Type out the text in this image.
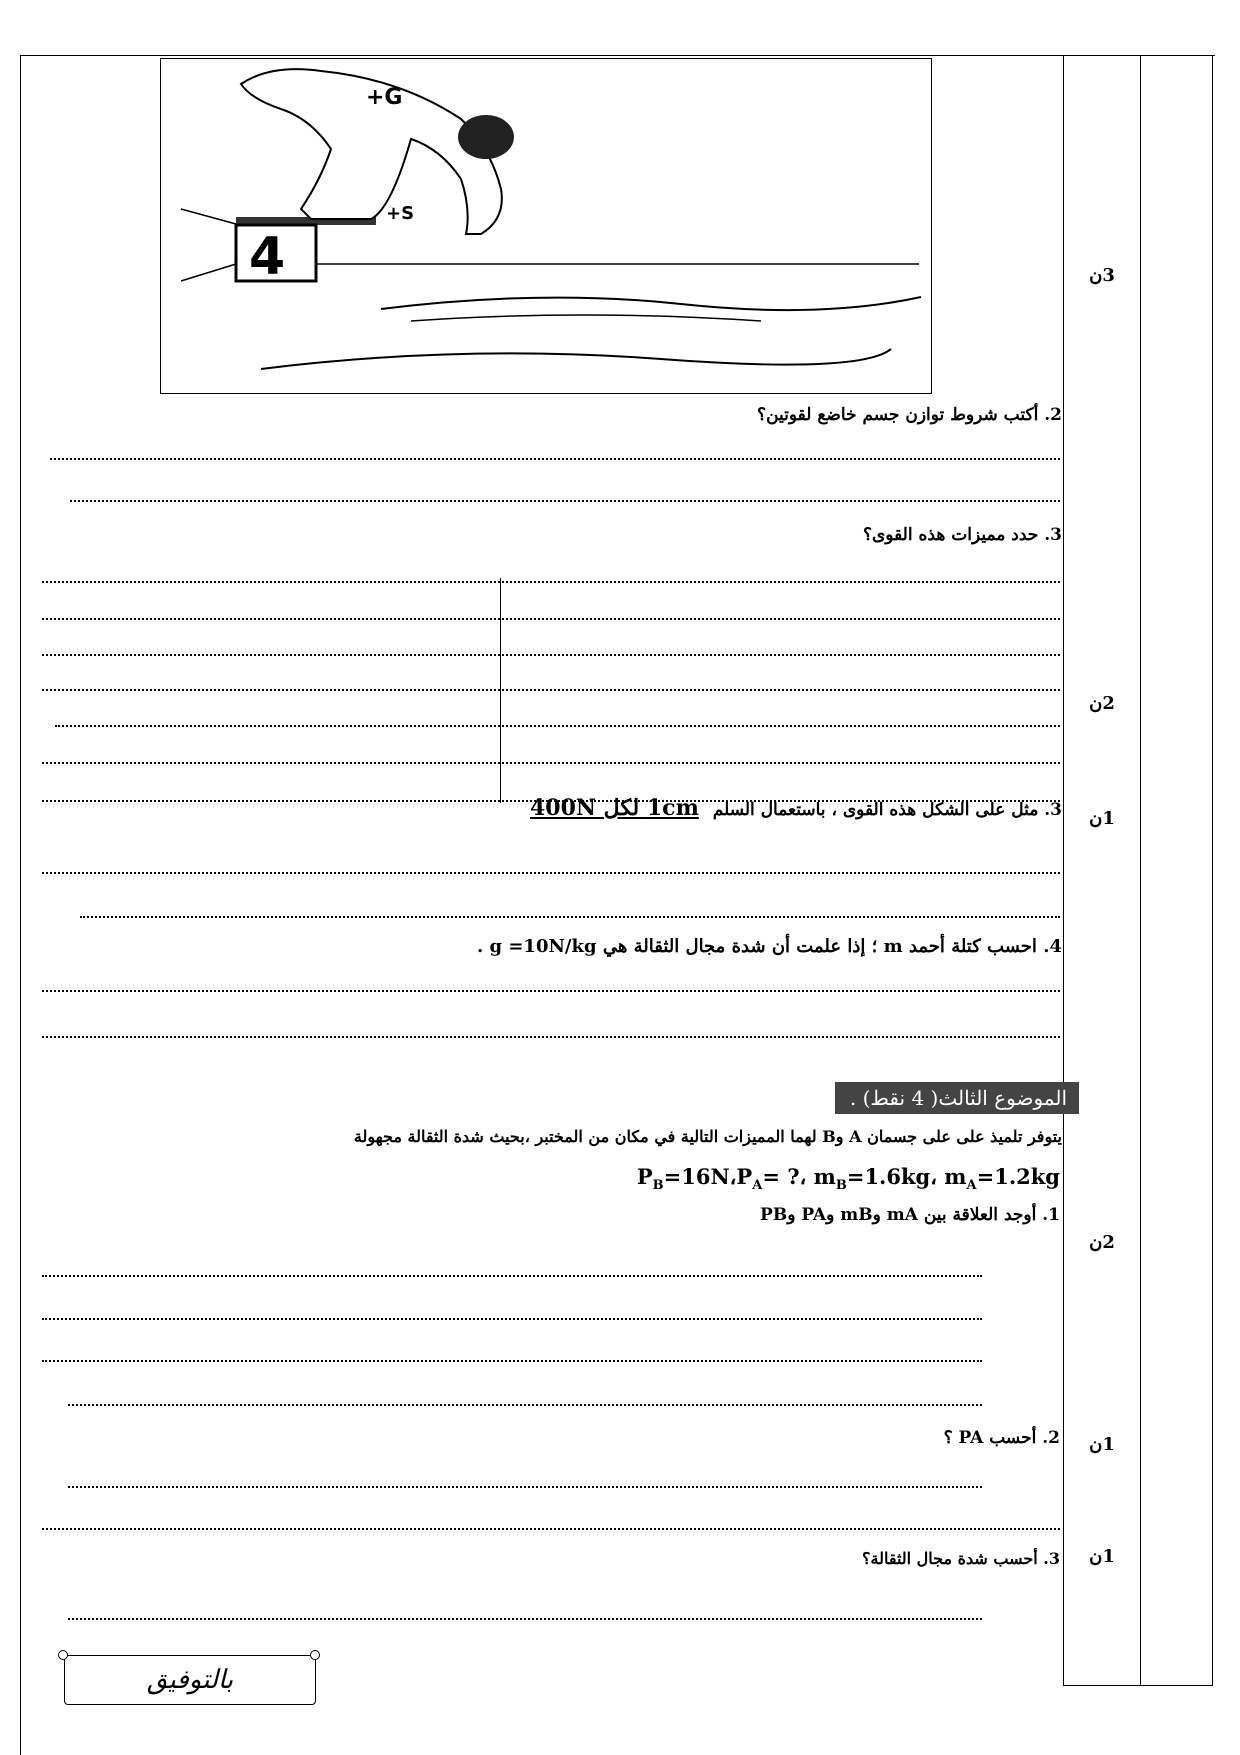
4
+G
+S
3ن
2ن
1ن
2ن
1ن
1ن
2. أكتب شروط توازن جسم خاضع لقوتين؟
3. حدد مميزات هذه القوى؟
3. مثل على الشكل هذه القوى ، باستعمال السلم 1cm لكل 400N
4. احسب كتلة أحمد m ؛ إذا علمت أن شدة مجال الثقالة هي g =10N/kg .
الموضوع الثالث( 4 نقط) .
يتوفر تلميذ على على جسمان A وB لهما المميزات التالية في مكان من المختبر ،بحيث شدة الثقالة مجهولة
$P_B=16N،P_A=$ ?، $m_B=1.6kg،$ $m_A=1.2kg$
1. أوجد العلاقة بين mA وmB وPA وPB
2. أحسب PA ؟
3. أحسب شدة مجال الثقالة؟
بالتوفيق
